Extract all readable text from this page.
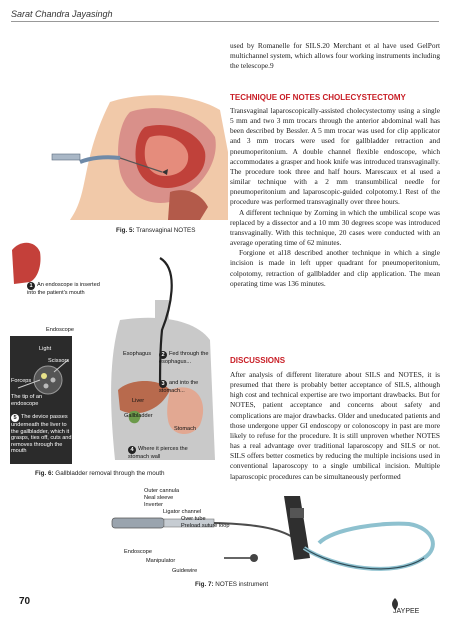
Sarat Chandra Jayasingh

used by Romanelle for SILS.20 Merchant et al have used GelPort multichannel system, which allows four working instruments including the telescope.9

TECHNIQUE OF NOTES CHOLECYSTECTOMY

Transvaginal laparoscopically-assisted cholecystectomy using a single 5 mm and two 3 mm trocars through the anterior abdominal wall has been described by Bessler. A 5 mm trocar was used for clip applicator and 3 mm trocars were used for gallbladder retraction and pneumoperitonium. A double channel flexible endoscope, which accommodates a grasper and hook knife was introduced transvaginally. The procedure took three and half hours. Marescaux et al used a similar technique with a 2 mm transumbilical needle for pneumoperitonium and laparoscopic-guided colpotomy.1 Rest of the procedure was performed transvaginally over three hours.

A different technique by Zorning in which the umbilical scope was replaced by a dissector and a 10 mm 30 degrees scope was introduced transvaginally. With this technique, 20 cases were conducted with an average operating time of 62 minutes.

Forgione et al18 described another technique in which a single incision is made in left upper quadrant for pneumoperitonium, colpotomy, retraction of gallbladder and clip application. The mean operating time was 136 minutes.

DISCUSSIONS

After analysis of different literature about SILS and NOTES, it is presumed that there is probably better acceptance of SILS, although high cost and technical expertise are two important drawbacks. But for NOTES, patient acceptance and concerns about safety and complications are major drawbacks. Older and uneducated patients and those undergone upper GI endoscopy or colonoscopy in past are more likely to refuse for the procedure. It is still unproven whether NOTES has a real advantage over traditional laparoscopy and SILS or not. SILS offers better cosmetics by reducing the multiple incisions used in conventional laparoscopy to a single umbilical incision. Multiple laparoscopic procedures can be simultaneously performed

Fig. 5: Transvaginal NOTES
1 An endoscope is inserted into the patient's mouth
Endoscope
Light
Scissors
Forceps
The tip of an endoscope
5 The device passes underneath the liver to the gallbladder, which it grasps, ties off, cuts and removes through the mouth
Esophagus	2 Fed through the esophagus...
3 and into the stomach...
Liver
Gallbladder
Stomach
4 Where it pierces the stomach wall
Fig. 6: Gallbladder removal through the mouth
Outer cannula
Neal sleeve
Inverter
Ligator channel
Over tube
Preload suture loop
Endoscope
Manipulator
Guidewire
Fig. 7: NOTES instrument
70
JAYPEE
